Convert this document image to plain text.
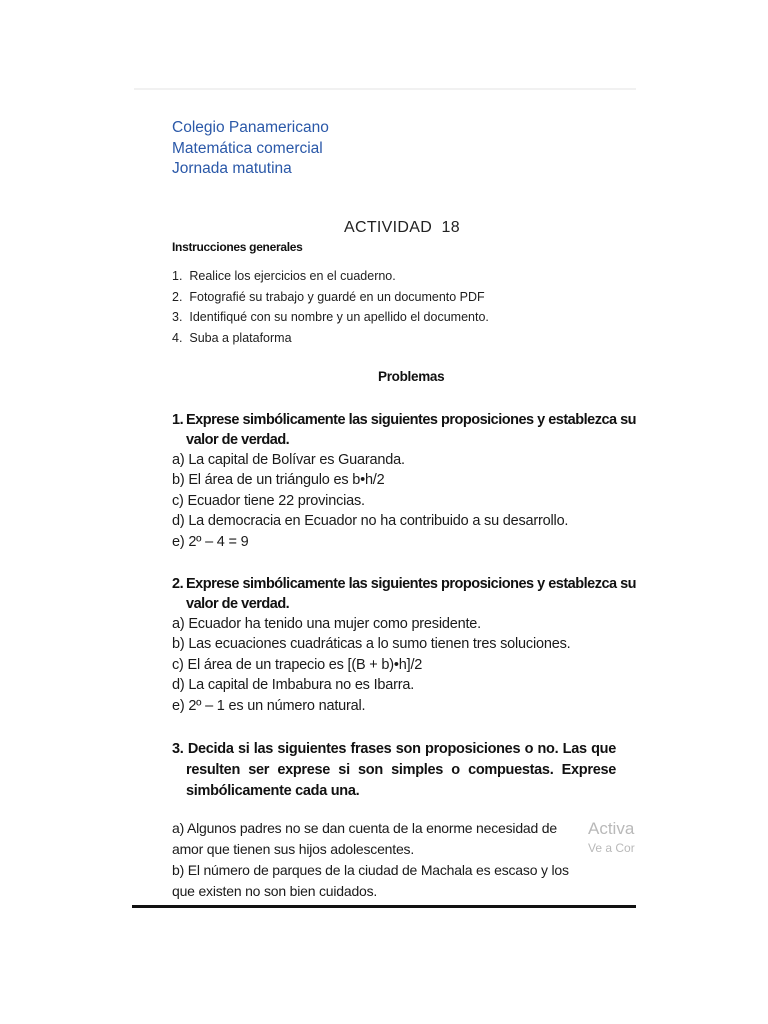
Colegio Panamericano
Matemática comercial
Jornada matutina
ACTIVIDAD  18
Instrucciones generales
1.  Realice los ejercicios en el cuaderno.
2.  Fotografié su trabajo y guardé en un documento PDF
3.  Identifiqué con su nombre y un apellido el documento.
4.  Suba a plataforma
Problemas
1. Exprese simbólicamente las siguientes proposiciones y establezca su
valor de verdad.
a) La capital de Bolívar es Guaranda.
b) El área de un triángulo es b•h/2
c) Ecuador tiene 22 provincias.
d) La democracia en Ecuador no ha contribuido a su desarrollo.
e) 2º – 4 = 9
2. Exprese simbólicamente las siguientes proposiciones y establezca su
valor de verdad.
a) Ecuador ha tenido una mujer como presidente.
b) Las ecuaciones cuadráticas a lo sumo tienen tres soluciones.
c) El área de un trapecio es [(B + b)•h]/2
d) La capital de Imbabura no es Ibarra.
e) 2º – 1 es un número natural.
3. Decida si las siguientes frases son proposiciones o no. Las que
resulten ser exprese si son simples o compuestas. Exprese
simbólicamente cada una.
a) Algunos padres no se dan cuenta de la enorme necesidad de
amor que tienen sus hijos adolescentes.
b) El número de parques de la ciudad de Machala es escaso y los
que existen no son bien cuidados.
Activa
Ve a Cor
